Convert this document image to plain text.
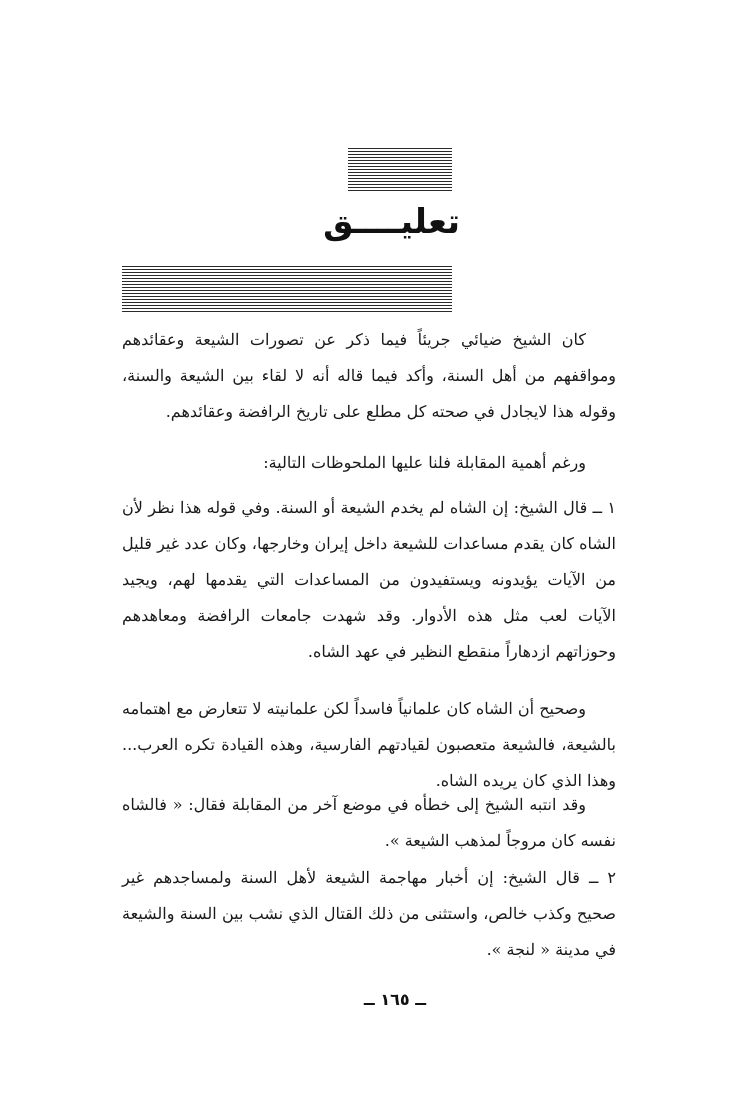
تعليــــق
كان الشيخ ضيائي جريئاً فيما ذكر عن تصورات الشيعة وعقائدهم ومواقفهم من أهل السنة، وأكد فيما قاله أنه لا لقاء بين الشيعة والسنة، وقوله هذا لايجادل في صحته كل مطلع على تاريخ الرافضة وعقائدهم.
ورغم أهمية المقابلة فلنا عليها الملحوظات التالية:
١ ــ قال الشيخ: إن الشاه لم يخدم الشيعة أو السنة. وفي قوله هذا نظر لأن الشاه كان يقدم مساعدات للشيعة داخل إيران وخارجها، وكان عدد غير قليل من الآيات يؤيدونه ويستفيدون من المساعدات التي يقدمها لهم، ويجيد الآيات لعب مثل هذه الأدوار. وقد شهدت جامعات الرافضة ومعاهدهم وحوزاتهم ازدهاراً منقطع النظير في عهد الشاه.
وصحيح أن الشاه كان علمانياً فاسداً لكن علمانيته لا تتعارض مع اهتمامه بالشيعة، فالشيعة متعصبون لقيادتهم الفارسية، وهذه القيادة تكره العرب... وهذا الذي كان يريده الشاه.
وقد انتبه الشيخ إلى خطأه في موضع آخر من المقابلة فقال: « فالشاه نفسه كان مروجاً لمذهب الشيعة ».
٢ ــ قال الشيخ: إن أخبار مهاجمة الشيعة لأهل السنة ولمساجدهم غير صحيح وكذب خالص، واستثنى من ذلك القتال الذي نشب بين السنة والشيعة في مدينة « لنجة ».
ــ ١٦٥ ــ
